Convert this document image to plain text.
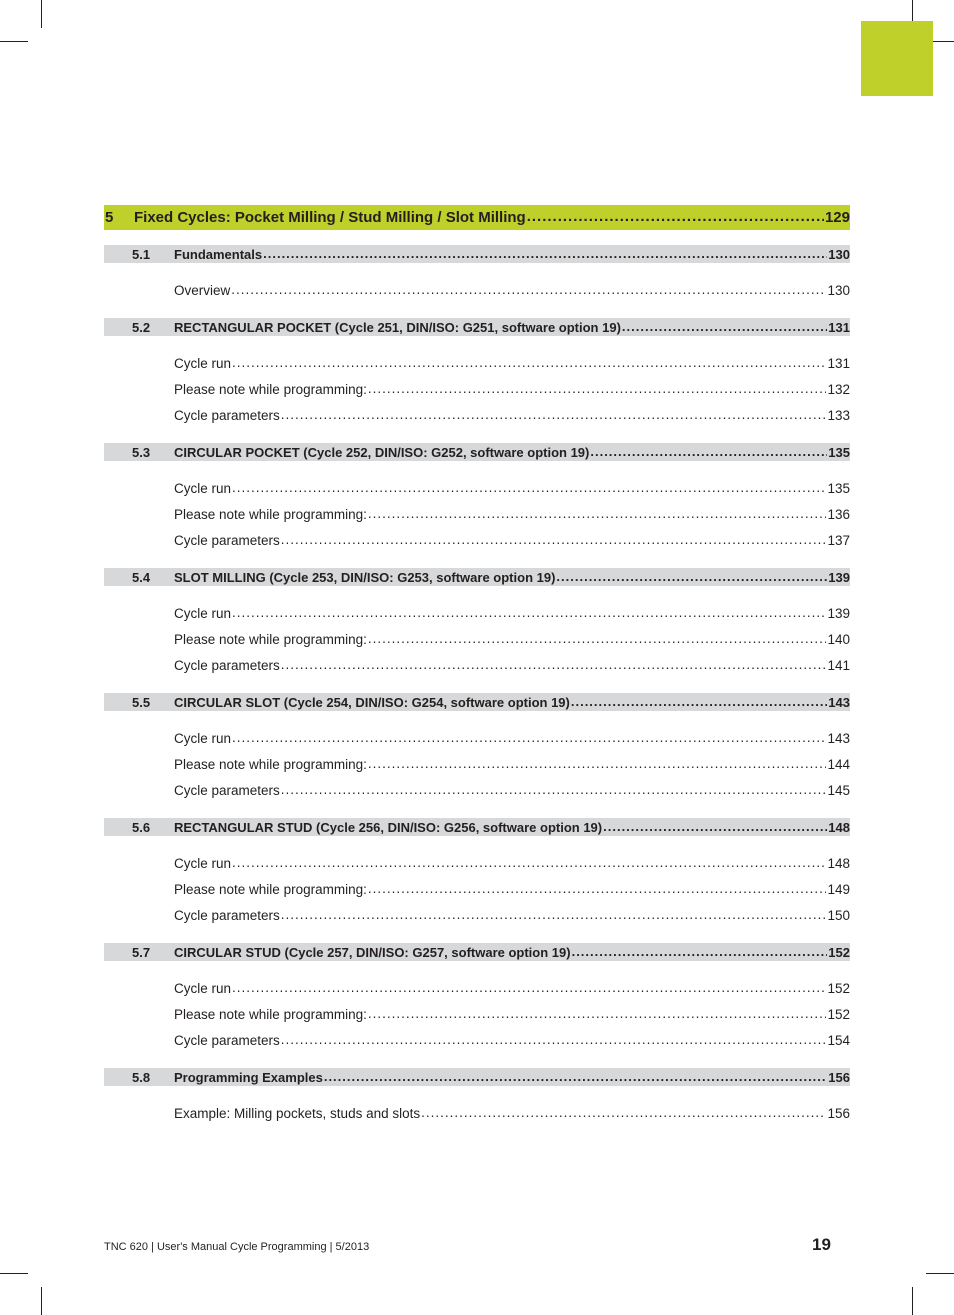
5	Fixed Cycles: Pocket Milling / Stud Milling / Slot Milling .....	129
5.1	Fundamentals .....	130
Overview .....	130
5.2	RECTANGULAR POCKET (Cycle 251, DIN/ISO: G251, software option 19) .....	131
Cycle run .....	131
Please note while programming: .....	132
Cycle parameters .....	133
5.3	CIRCULAR POCKET (Cycle 252, DIN/ISO: G252, software option 19) .....	135
Cycle run .....	135
Please note while programming: .....	136
Cycle parameters .....	137
5.4	SLOT MILLING (Cycle 253, DIN/ISO: G253, software option 19) .....	139
Cycle run .....	139
Please note while programming: .....	140
Cycle parameters .....	141
5.5	CIRCULAR SLOT (Cycle 254, DIN/ISO: G254, software option 19) .....	143
Cycle run .....	143
Please note while programming: .....	144
Cycle parameters .....	145
5.6	RECTANGULAR STUD (Cycle 256, DIN/ISO: G256, software option 19) .....	148
Cycle run .....	148
Please note while programming: .....	149
Cycle parameters .....	150
5.7	CIRCULAR STUD (Cycle 257, DIN/ISO: G257, software option 19) .....	152
Cycle run .....	152
Please note while programming: .....	152
Cycle parameters .....	154
5.8	Programming Examples .....	156
Example: Milling pockets, studs and slots .....	156
TNC 620 | User's Manual Cycle Programming | 5/2013	19
